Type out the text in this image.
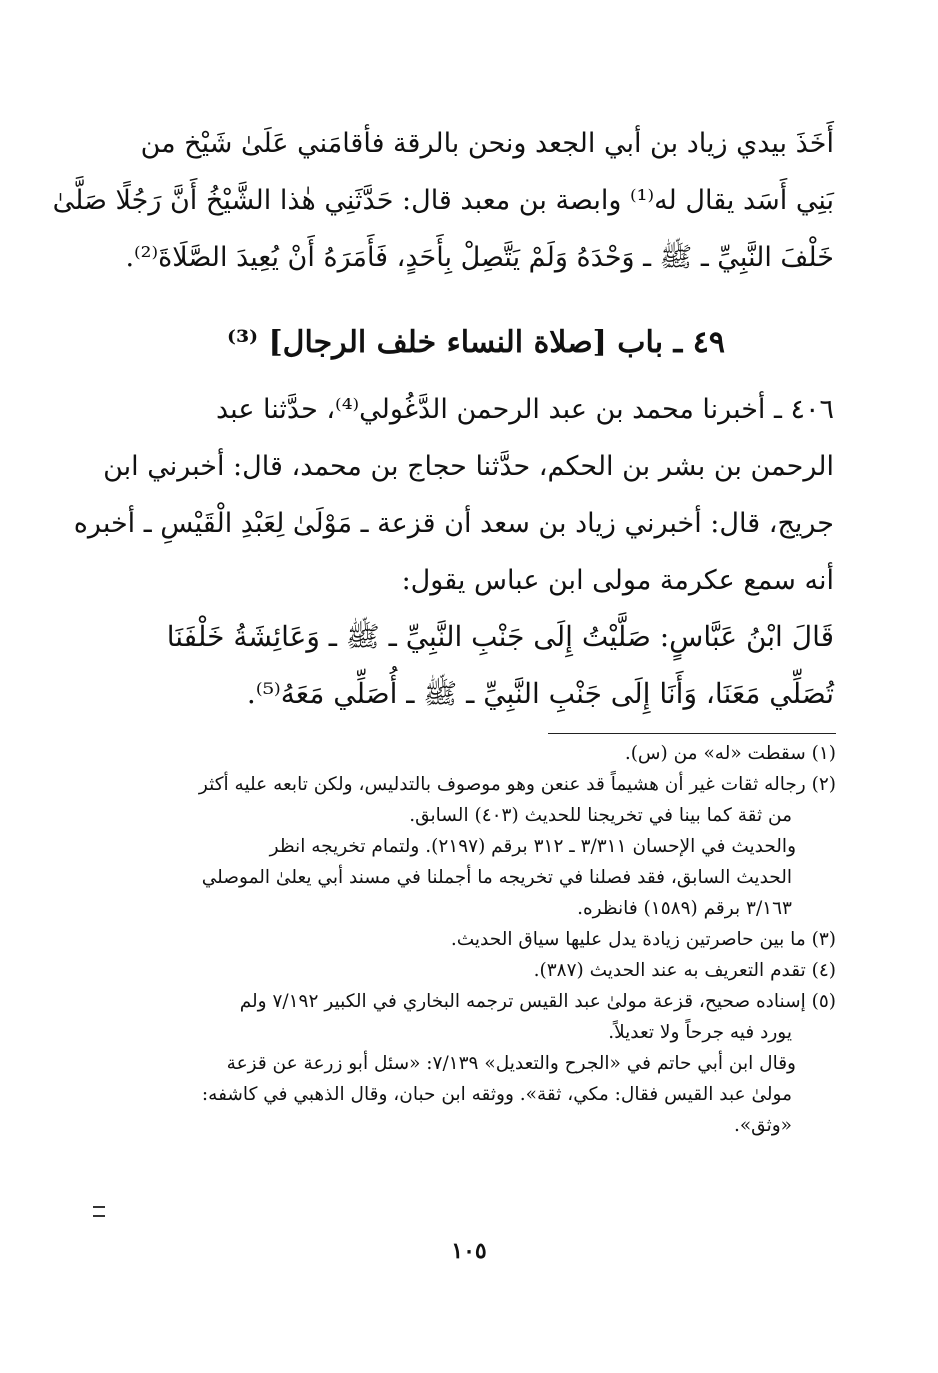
أَخَذَ بيدي زياد بن أبي الجعد ونحن بالرقة فأقامَني عَلَىٰ شَيْخ من
بَنِي أَسَد يقال له⁽¹⁾ وابصة بن معبد قال: حَدَّثَنِي هٰذا الشَّيْخُ أَنَّ رَجُلًا صَلَّىٰ
خَلْفَ النَّبِيِّ ـ ﷺ ـ وَحْدَهُ وَلَمْ يَتَّصِلْ بِأَحَدٍ، فَأَمَرَهُ أَنْ يُعِيدَ الصَّلَاةَ⁽²⁾.
٤٩ ـ باب [صلاة النساء خلف الرجال] ⁽³⁾
٤٠٦ ـ أخبرنا محمد بن عبد الرحمن الدَّغُولي⁽⁴⁾، حدَّثنا عبد
الرحمن بن بشر بن الحكم، حدَّثنا حجاج بن محمد، قال: أخبرني ابن
جريج، قال: أخبرني زياد بن سعد أن قزعة ـ مَوْلَىٰ لِعَبْدِ الْقَيْسِ ـ أخبره
أنه سمع عكرمة مولى ابن عباس يقول:
قَالَ ابْنُ عَبَّاسٍ: صَلَّيْتُ إِلَى جَنْبِ النَّبِيِّ ـ ﷺ ـ وَعَائِشَةُ خَلْفَنَا
تُصَلِّي مَعَنَا، وَأَنَا إِلَى جَنْبِ النَّبِيِّ ـ ﷺ ـ أُصَلِّي مَعَهُ⁽⁵⁾.
(١) سقطت «له» من (س).
(٢) رجاله ثقات غير أن هشيماً قد عنعن وهو موصوف بالتدليس، ولكن تابعه عليه أكثر
من ثقة كما بينا في تخريجنا للحديث (٤٠٣) السابق.
والحديث في الإحسان ٣/٣١١ ـ ٣١٢ برقم (٢١٩٧). ولتمام تخريجه انظر
الحديث السابق، فقد فصلنا في تخريجه ما أجملنا في مسند أبي يعلىٰ الموصلي
٣/١٦٣ برقم (١٥٨٩) فانظره.
(٣) ما بين حاصرتين زيادة يدل عليها سياق الحديث.
(٤) تقدم التعريف به عند الحديث (٣٨٧).
(٥) إسناده صحيح، قزعة مولىٰ عبد القيس ترجمه البخاري في الكبير ٧/١٩٢ ولم
يورد فيه جرحاً ولا تعديلاً.
وقال ابن أبي حاتم في «الجرح والتعديل» ٧/١٣٩: «سئل أبو زرعة عن قزعة
مولىٰ عبد القيس فقال: مكي، ثقة». ووثقه ابن حبان، وقال الذهبي في كاشفه:
«وثق».
١٠٥
